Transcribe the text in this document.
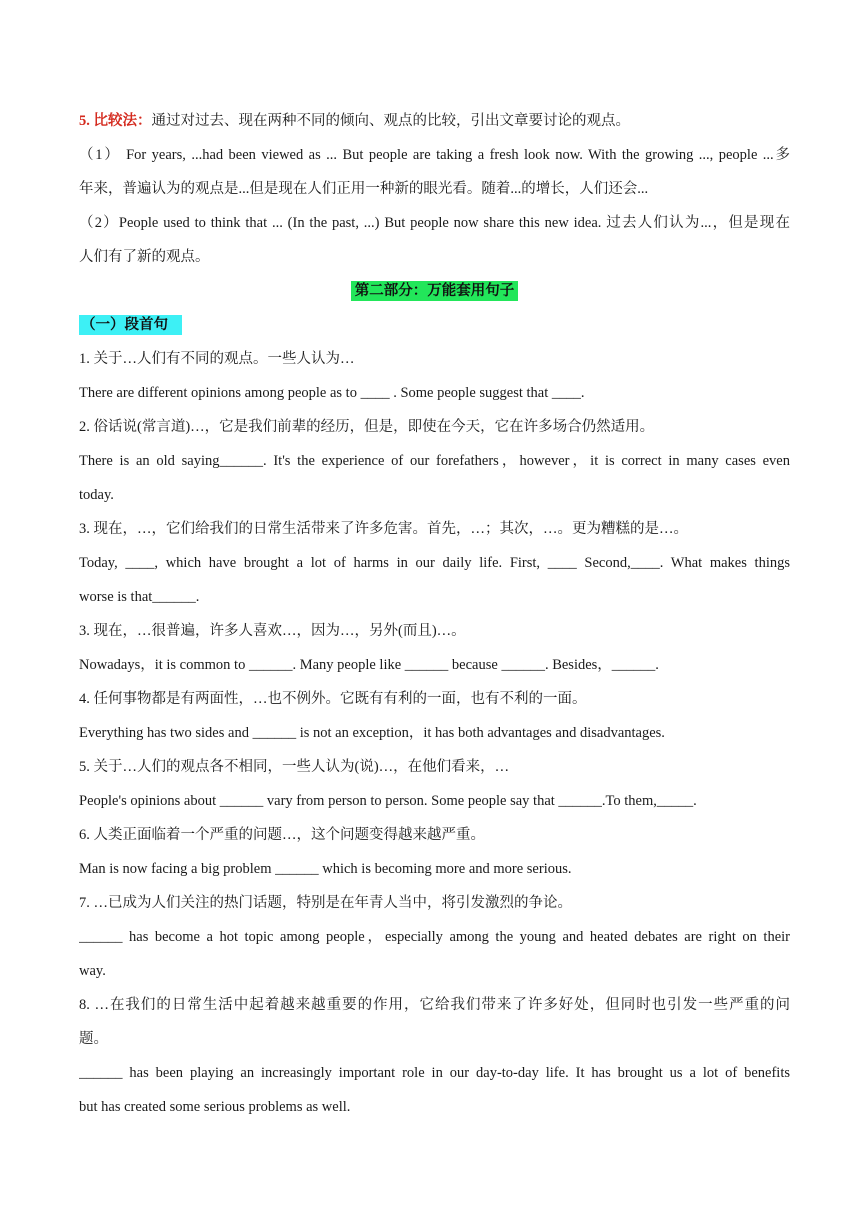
5. 比较法：通过对过去、现在两种不同的倾向、观点的比较，引出文章要讨论的观点。
（1） For years, ...had been viewed as ... But people are taking a fresh look now. With the growing ..., people ...多
年来，普遍认为的观点是...但是现在人们正用一种新的眼光看。随着...的增长，人们还会...
（2）People used to think that ... (In the past, ...) But people now share this new idea. 过去人们认为...，但是现在
人们有了新的观点。
第二部分：万能套用句子
（一）段首句
1. 关于…人们有不同的观点。一些人认为…
There are different opinions among people as to ____ . Some people suggest that ____.
2. 俗话说(常言道)…，它是我们前辈的经历，但是，即使在今天，它在许多场合仍然适用。
There is an old saying______. It's the experience of our forefathers，however，it is correct in many cases even
today.
3. 现在，…，它们给我们的日常生活带来了许多危害。首先，…；其次，…。更为糟糕的是…。
Today, ____, which have brought a lot of harms in our daily life. First, ____ Second,____. What makes things
worse is that______.
3. 现在，…很普遍，许多人喜欢…，因为…，另外(而且)…。
Nowadays，it is common to ______. Many people like ______ because ______. Besides，______.
4. 任何事物都是有两面性，…也不例外。它既有有利的一面，也有不利的一面。
Everything has two sides and ______ is not an exception，it has both advantages and disadvantages.
5. 关于…人们的观点各不相同，一些人认为(说)…，在他们看来，…
People's opinions about ______ vary from person to person. Some people say that ______.To them,_____.
6. 人类正面临着一个严重的问题…，这个问题变得越来越严重。
Man is now facing a big problem ______ which is becoming more and more serious.
7. …已成为人们关注的热门话题，特别是在年青人当中，将引发激烈的争论。
______ has become a hot topic among people，especially among the young and heated debates are right on their
way.
8. …在我们的日常生活中起着越来越重要的作用，它给我们带来了许多好处，但同时也引发一些严重的问
题。
______ has been playing an increasingly important role in our day-to-day life. It has brought us a lot of benefits
but has created some serious problems as well.
